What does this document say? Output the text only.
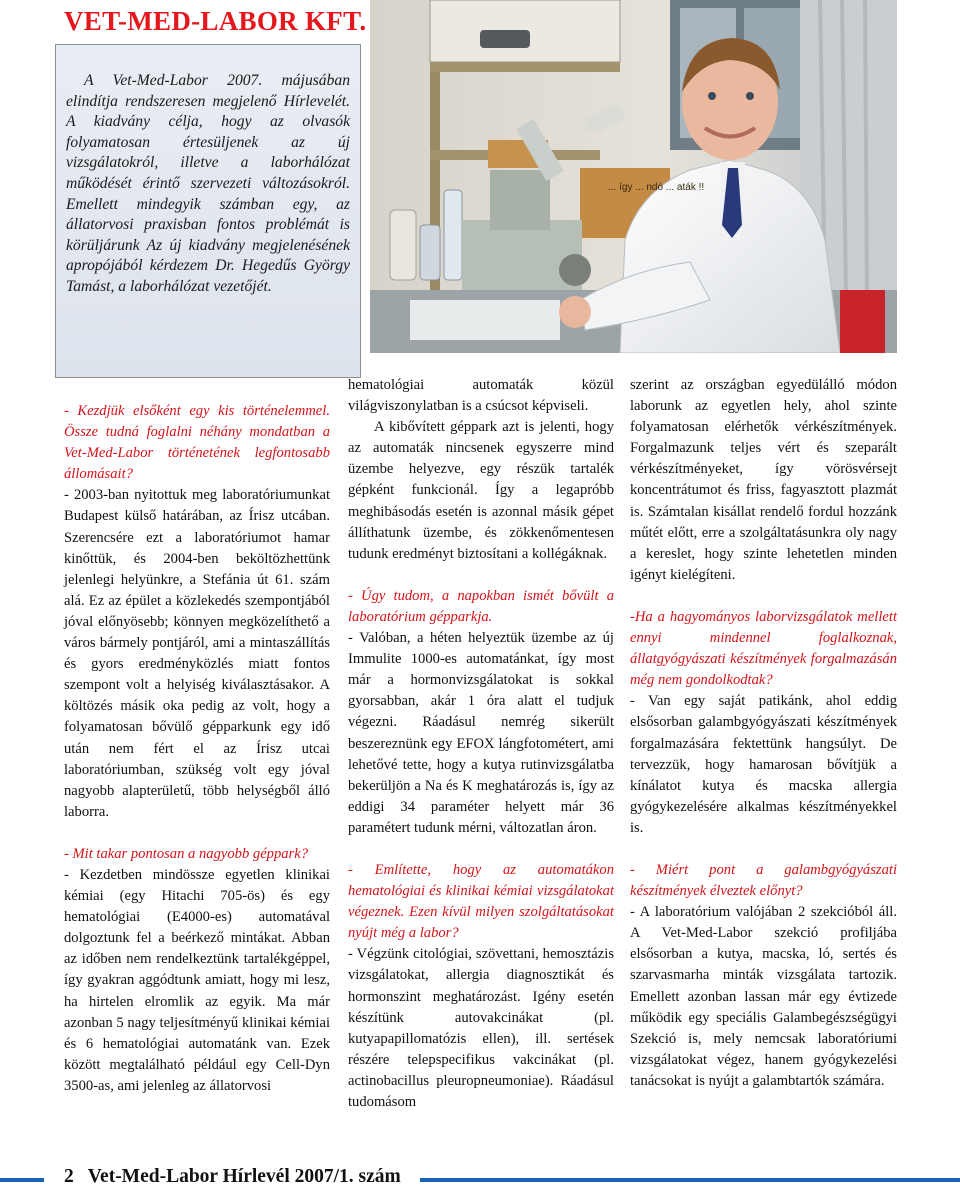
VET-MED-LABOR KFT.

A Vet-Med-Labor 2007. májusában elindítja rendszeresen megjelenő Hírlevelét. A kiadvány célja, hogy az olvasók folyamatosan értesüljenek az új vizsgálatokról, illetve a laborhálózat működését érintő szervezeti változásokról. Emellett mindegyik számban egy, az állatorvosi praxisban fontos problémát is körüljárunk Az új kiadvány megjelenésének apropójából kérdezem Dr. Hegedűs György Tamást, a laborhálózat vezetőjét.

... így ... ndó ... aták !!

- Kezdjük elsőként egy kis történelemmel. Össze tudná foglalni néhány mondatban a Vet-Med-Labor történetének legfontosabb állomásait?

- 2003-ban nyitottuk meg laboratóriumunkat Budapest külső határában, az Írisz utcában. Szerencsére ezt a laboratóriumot hamar kinőttük, és 2004-ben beköltözhettünk jelenlegi helyünkre, a Stefánia út 61. szám alá. Ez az épület a közlekedés szempontjából jóval előnyösebb; könnyen megközelíthető a város bármely pontjáról, ami a mintaszállítás és gyors eredményközlés miatt fontos szempont volt a helyiség kiválasztásakor. A költözés másik oka pedig az volt, hogy a folyamatosan bővülő gépparkunk egy idő után nem fért el az Írisz utcai laboratóriumban, szükség volt egy jóval nagyobb alapterületű, több helységből álló laborra.

- Mit takar pontosan a nagyobb géppark?

- Kezdetben mindössze egyetlen klinikai kémiai (egy Hitachi 705-ös) és egy hematológiai (E4000-es) automatával dolgoztunk fel a beérkező mintákat. Abban az időben nem rendelkeztünk tartalékgéppel, így gyakran aggódtunk amiatt, hogy mi lesz, ha hirtelen elromlik az egyik. Ma már azonban 5 nagy teljesítményű klinikai kémiai és 6 hematológiai automatánk van. Ezek között megtalálható például egy Cell-Dyn 3500-as, ami jelenleg az állatorvosi

hematológiai automaták közül világviszonylatban is a csúcsot képviseli.

A kibővített géppark azt is jelenti, hogy az automaták nincsenek egyszerre mind üzembe helyezve, egy részük tartalék gépként funkcionál. Így a legapróbb meghibásodás esetén is azonnal másik gépet állíthatunk üzembe, és zökkenőmentesen tudunk eredményt biztosítani a kollégáknak.

- Úgy tudom, a napokban ismét bővült a laboratórium gépparkja.

- Valóban, a héten helyeztük üzembe az új Immulite 1000-es automatánkat, így most már a hormonvizsgálatokat is sokkal gyorsabban, akár 1 óra alatt el tudjuk végezni. Ráadásul nemrég sikerült beszereznünk egy EFOX lángfotométert, ami lehetővé tette, hogy a kutya rutinvizsgálatba bekerüljön a Na és K meghatározás is, így az eddigi 34 paraméter helyett már 36 paramétert tudunk mérni, változatlan áron.

- Említette, hogy az automatákon hematológiai és klinikai kémiai vizsgálatokat végeznek. Ezen kívül milyen szolgáltatásokat nyújt még a labor?

- Végzünk citológiai, szövettani, hemosztázis vizsgálatokat, allergia diagnosztikát és hormonszint meghatározást. Igény esetén készítünk autovakcinákat (pl. kutyapapillomatózis ellen), ill. sertések részére telepspecifikus vakcinákat (pl. actinobacillus pleuropneumoniae). Ráadásul tudomásom

szerint az országban egyedülálló módon laborunk az egyetlen hely, ahol szinte folyamatosan elérhetők vérkészítmények. Forgalmazunk teljes vért és szeparált vérkészítményeket, így vörösvérsejt koncentrátumot és friss, fagyasztott plazmát is. Számtalan kisállat rendelő fordul hozzánk műtét előtt, erre a szolgáltatásunkra oly nagy a kereslet, hogy szinte lehetetlen minden igényt kielégíteni.

-Ha a hagyományos laborvizsgálatok mellett ennyi mindennel foglalkoznak, állatgyógyászati készítmények forgalmazásán még nem gondolkodtak?

- Van egy saját patikánk, ahol eddig elsősorban galambgyógyászati készítmények forgalmazására fektettünk hangsúlyt. De tervezzük, hogy hamarosan bővítjük a kínálatot kutya és macska allergia gyógykezelésére alkalmas készítményekkel is.

- Miért pont a galambgyógyászati készítmények élveztek előnyt?

- A laboratórium valójában 2 szekcióból áll. A Vet-Med-Labor szekció profiljába elsősorban a kutya, macska, ló, sertés és szarvasmarha minták vizsgálata tartozik. Emellett azonban lassan már egy évtizede működik egy speciális Galambegészségügyi Szekció is, mely nemcsak laboratóriumi vizsgálatokat végez, hanem gyógykezelési tanácsokat is nyújt a galambtartók számára.

2 Vet-Med-Labor Hírlevél 2007/1. szám
